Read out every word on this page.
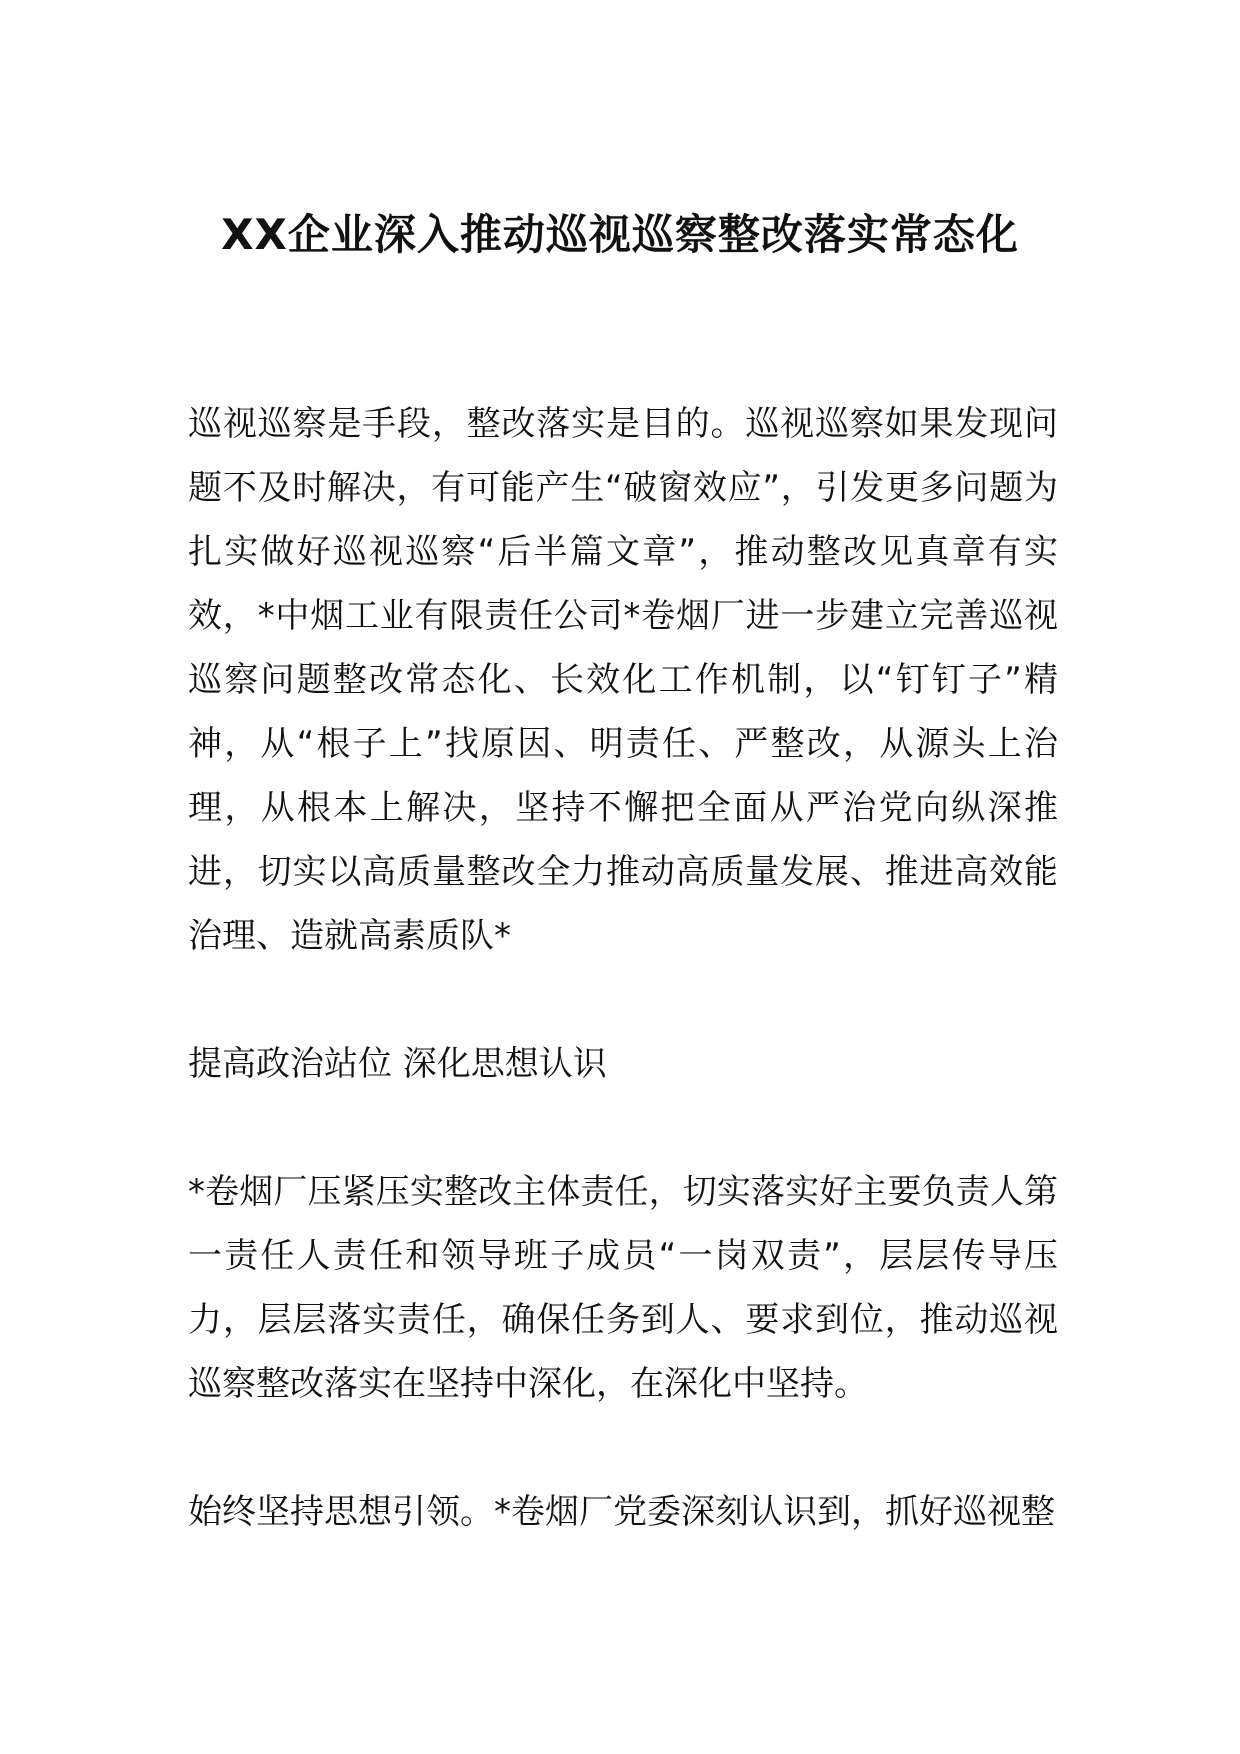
XX企业深入推动巡视巡察整改落实常态化

巡视巡察是手段，整改落实是目的。巡视巡察如果发现问题不及时解决，有可能产生“破窗效应”，引发更多问题为扎实做好巡视巡察“后半篇文章”，推动整改见真章有实效，*中烟工业有限责任公司*卷烟厂进一步建立完善巡视巡察问题整改常态化、长效化工作机制，以“钉钉子”精神，从“根子上”找原因、明责任、严整改，从源头上治理，从根本上解决，坚持不懈把全面从严治党向纵深推进，切实以高质量整改全力推动高质量发展、推进高效能治理、造就高素质队*

提高政治站位 深化思想认识

*卷烟厂压紧压实整改主体责任，切实落实好主要负责人第一责任人责任和领导班子成员“一岗双责”，层层传导压力，层层落实责任，确保任务到人、要求到位，推动巡视巡察整改落实在坚持中深化，在深化中坚持。

始终坚持思想引领。*卷烟厂党委深刻认识到，抓好巡视整
